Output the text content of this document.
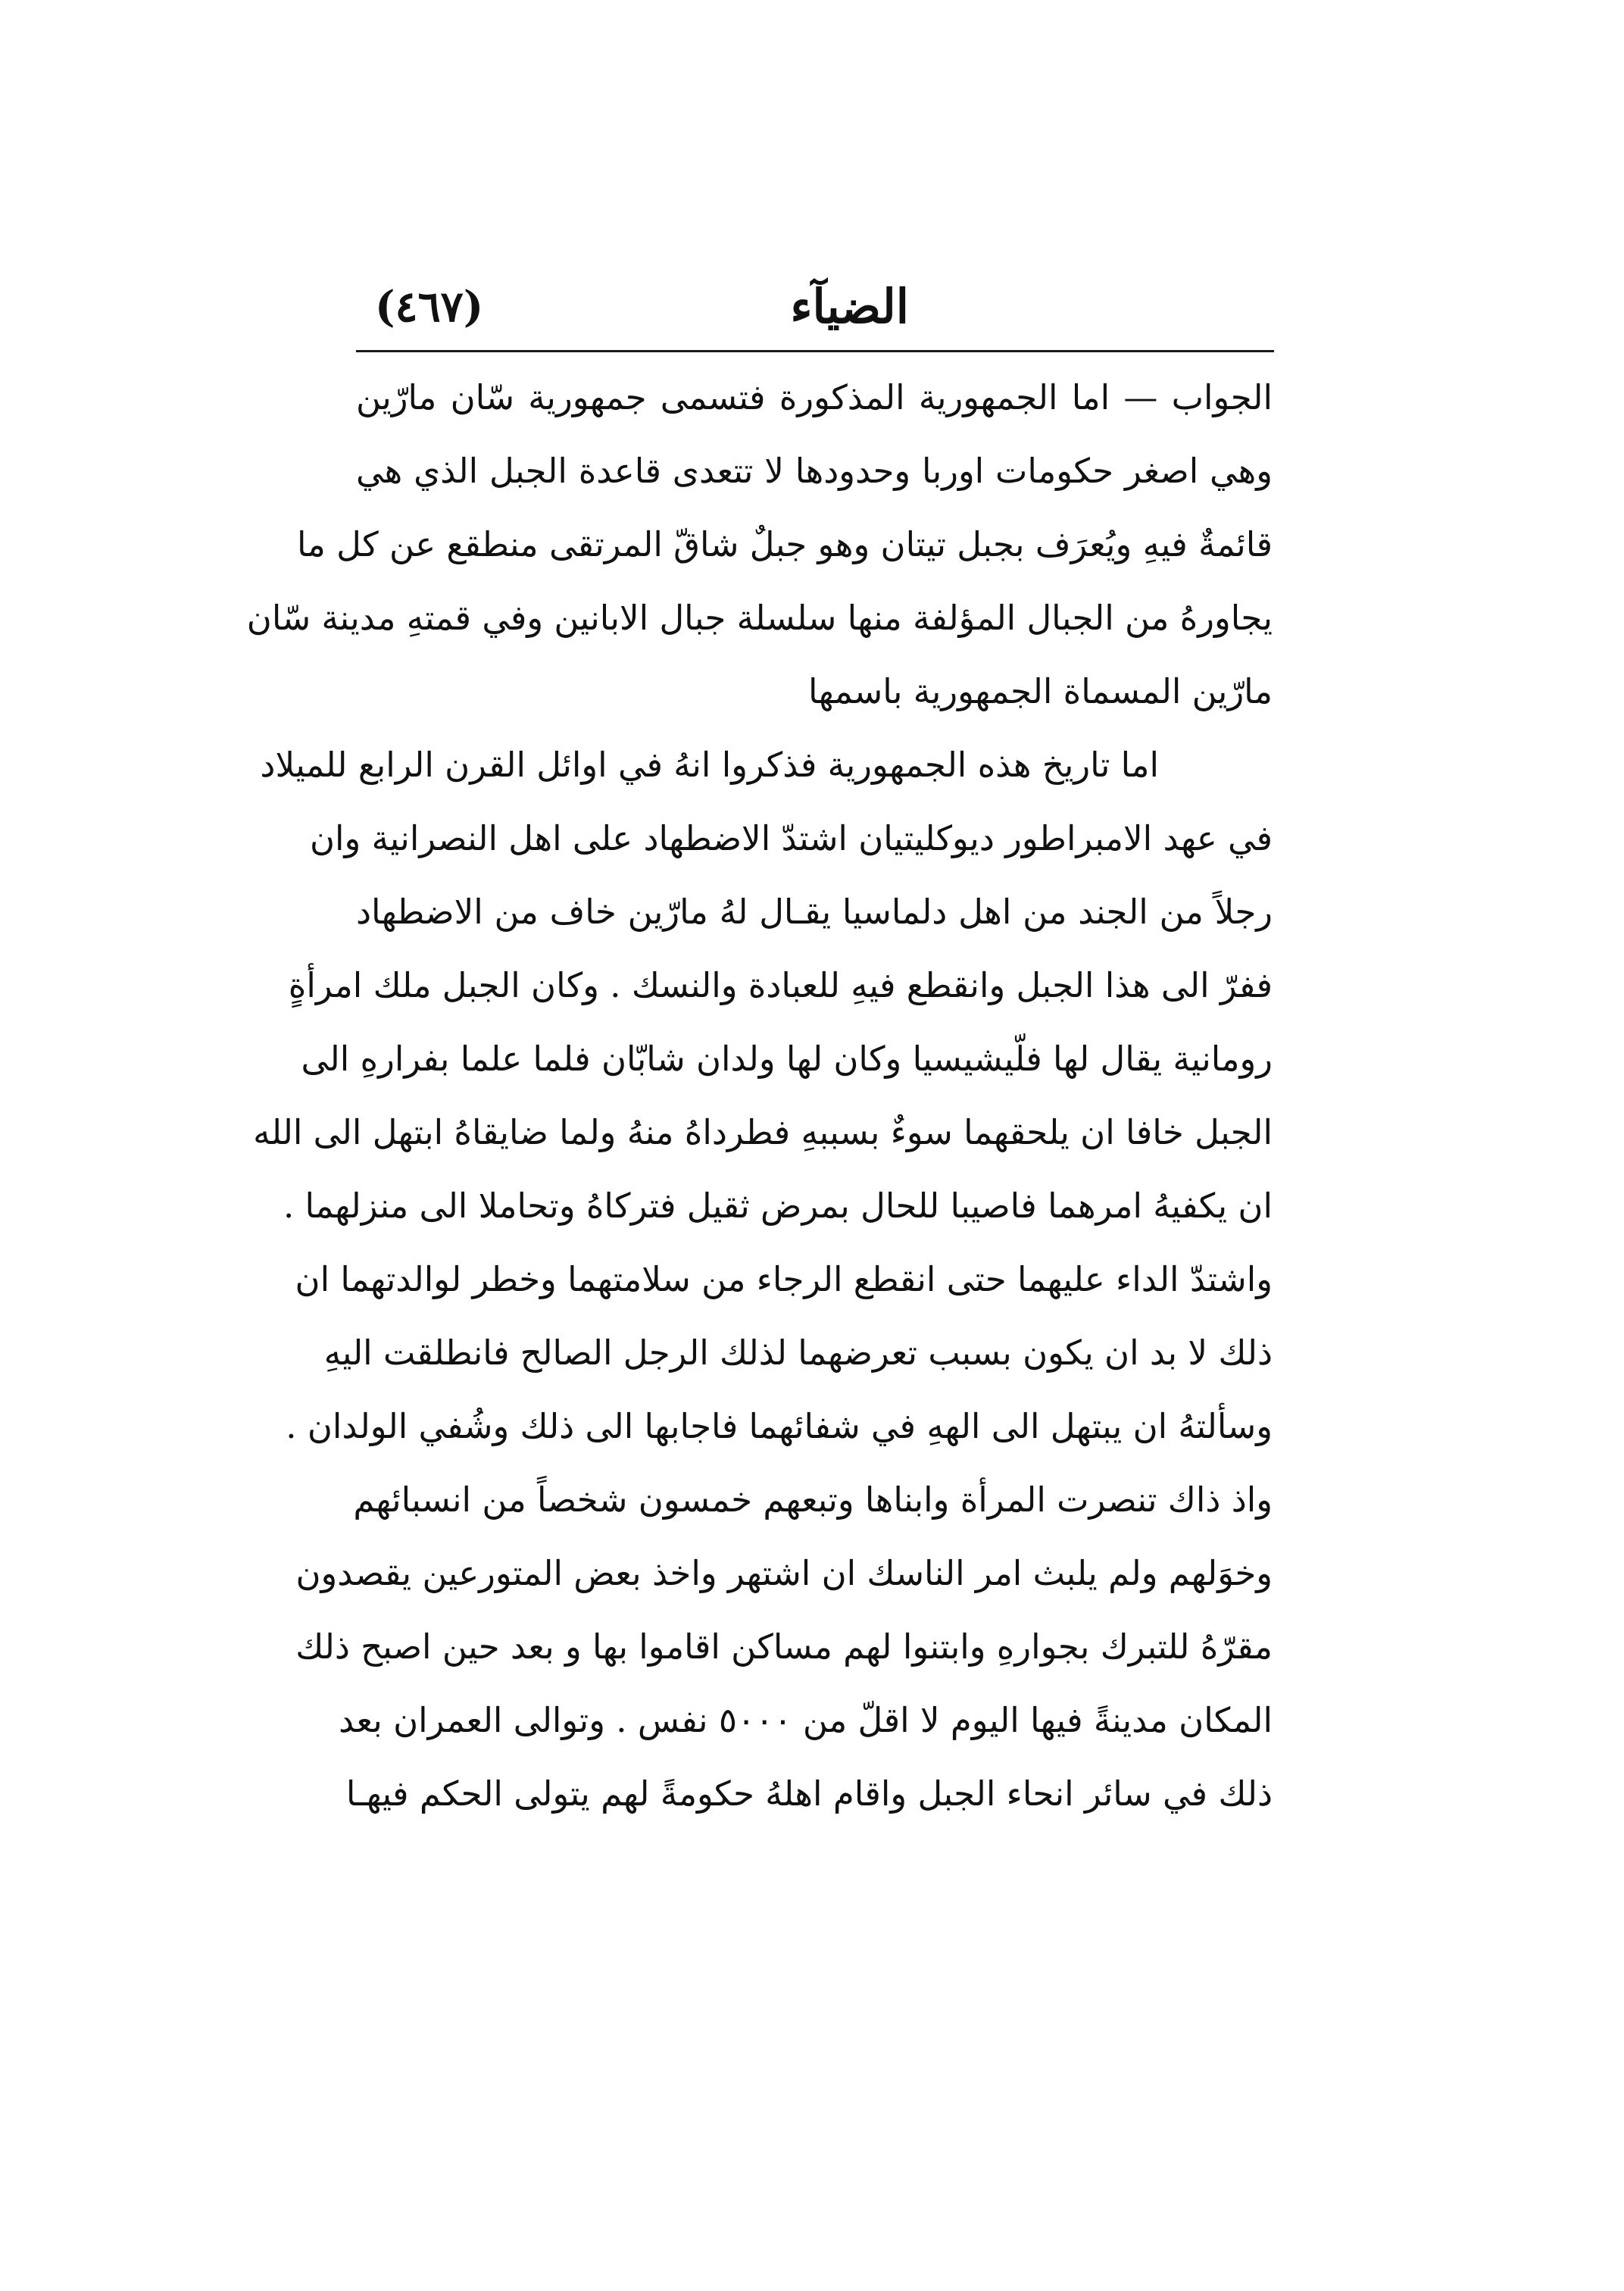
الضيآء
(٤٦٧)
الجواب — اما الجمهورية المذكورة فتسمى جمهورية سّان مارّين
وهي اصغر حكومات اوربا وحدودها لا تتعدى قاعدة الجبل الذي هي
قائمةٌ فيهِ ويُعرَف بجبل تيتان وهو جبلٌ شاقّ المرتقى منطقع عن كل ما
يجاورهُ من الجبال المؤلفة منها سلسلة جبال الابانين وفي قمتهِ مدينة سّان
مارّين المسماة الجمهورية باسمها
اما تاريخ هذه الجمهورية فذكروا انهُ في اوائل القرن الرابع للميلاد
في عهد الامبراطور ديوكليتيان اشتدّ الاضطهاد على اهل النصرانية وان
رجلاً من الجند من اهل دلماسيا يقـال لهُ مارّين خاف من الاضطهاد
ففرّ الى هذا الجبل وانقطع فيهِ للعبادة والنسك . وكان الجبل ملك امرأةٍ
رومانية يقال لها فلّيشيسيا وكان لها ولدان شابّان فلما علما بفرارهِ الى
الجبل خافا ان يلحقهما سوءٌ بسببهِ فطرداهُ منهُ ولما ضايقاهُ ابتهل الى الله
ان يكفيهُ امرهما فاصيبا للحال بمرض ثقيل فتركاهُ وتحاملا الى منزلهما .
واشتدّ الداء عليهما حتى انقطع الرجاء من سلامتهما وخطر لوالدتهما ان
ذلك لا بد ان يكون بسبب تعرضهما لذلك الرجل الصالح فانطلقت اليهِ
وسألتهُ ان يبتهل الى الههِ في شفائهما فاجابها الى ذلك وشُفي الولدان .
واذ ذاك تنصرت المرأة وابناها وتبعهم خمسون شخصاً من انسبائهم
وخوَلهم ولم يلبث امر الناسك ان اشتهر واخذ بعض المتورعين يقصدون
مقرّهُ للتبرك بجوارهِ وابتنوا لهم مساكن اقاموا بها و بعد حين اصبح ذلك
المكان مدينةً فيها اليوم لا اقلّ من ٥٠٠٠ نفس . وتوالى العمران بعد
ذلك في سائر انحاء الجبل واقام اهلهُ حكومةً لهم يتولى الحكم فيهـا
